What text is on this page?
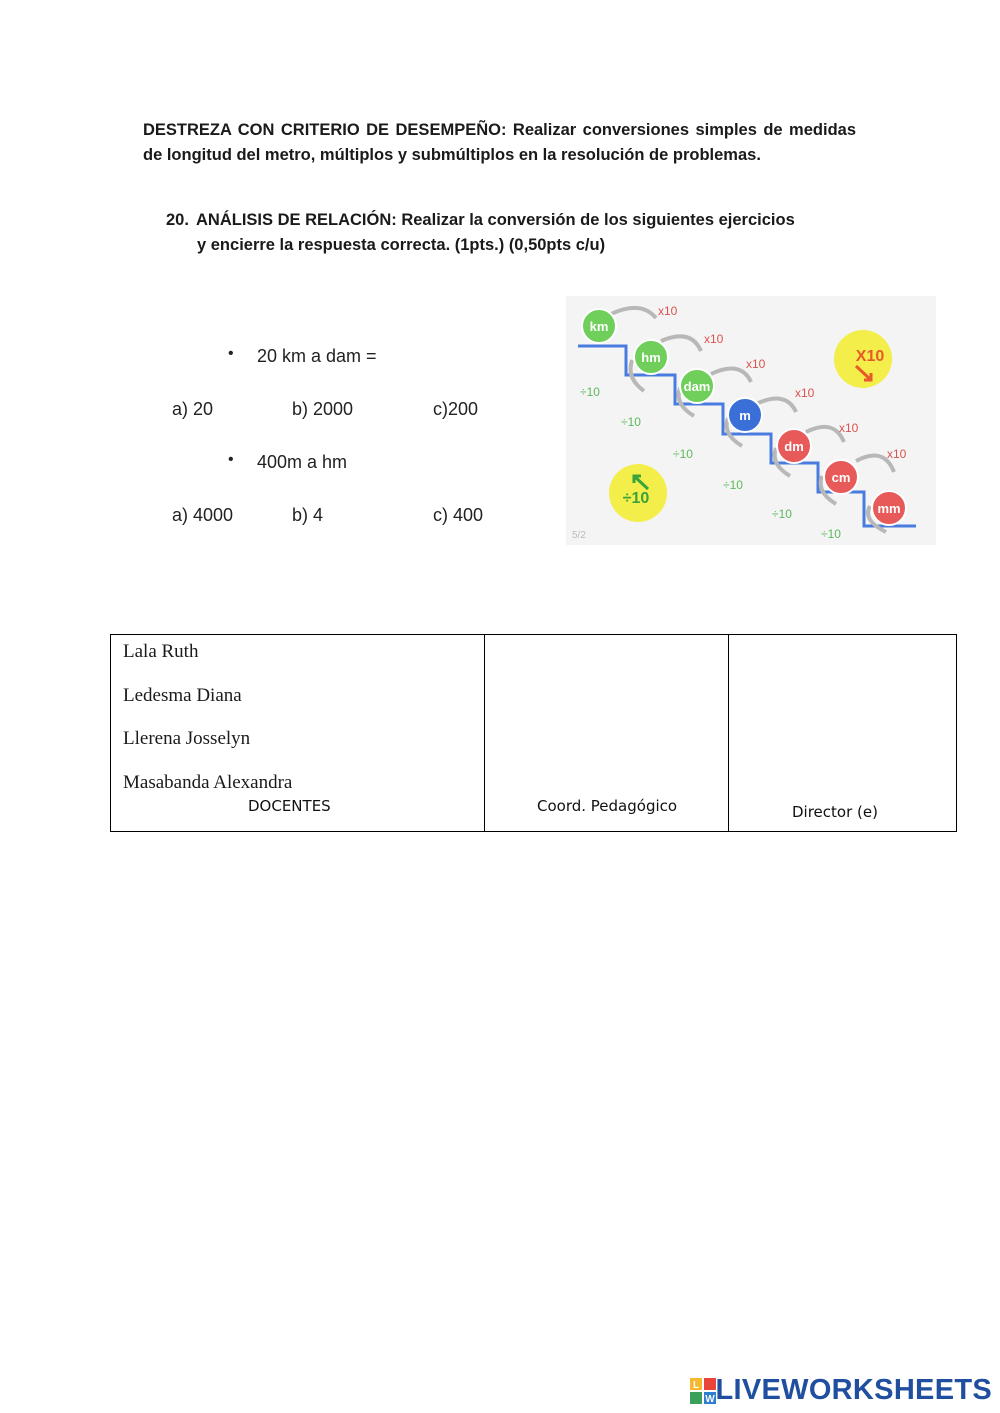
DESTREZA CON CRITERIO DE DESEMPEÑO: Realizar conversiones simples de medidas de longitud del metro, múltiplos y submúltiplos en la resolución de problemas.
20. ANÁLISIS DE RELACIÓN: Realizar la conversión de los siguientes ejercicios
y encierre la respuesta correcta. (1pts.) (0,50pts c/u)
• 20 km a dam =
a) 20	b) 2000	c)200
• 400m a hm
a) 4000	b) 4	c) 400
X10
÷10
km
hm
dam
m
dm
cm
mm
x10
x10
x10
x10
x10
x10
÷10
÷10
÷10
÷10
÷10
÷10
5/2
Lala Ruth
Ledesma Diana
Llerena Josselyn
Masabanda Alexandra
DOCENTES	Coord. Pedagógico	Director (e)
L
W LIVEWORKSHEETS
